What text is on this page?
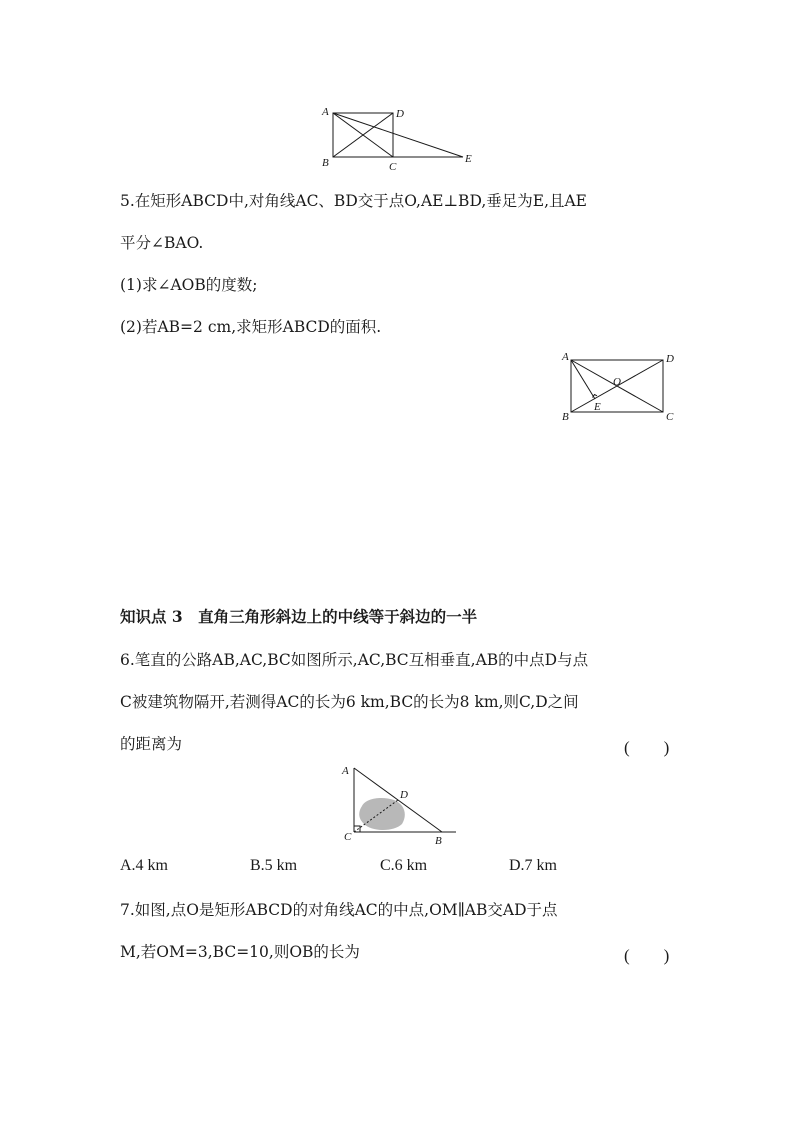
A	D
B	C
E
5.在矩形ABCD中,对角线AC、BD交于点O,AE⊥BD,垂足为E,且AE
平分∠BAO.
(1)求∠AOB的度数;
(2)若AB=2 cm,求矩形ABCD的面积.
A	D
O
E
B	C
知识点 3　直角三角形斜边上的中线等于斜边的一半
6.笔直的公路AB,AC,BC如图所示,AC,BC互相垂直,AB的中点D与点
C被建筑物隔开,若测得AC的长为6 km,BC的长为8 km,则C,D之间
的距离为	(　　)
A
D
C	B
A.4 km	B.5 km	C.6 km	D.7 km
7.如图,点O是矩形ABCD的对角线AC的中点,OM∥AB交AD于点
M,若OM=3,BC=10,则OB的长为	(　　)
